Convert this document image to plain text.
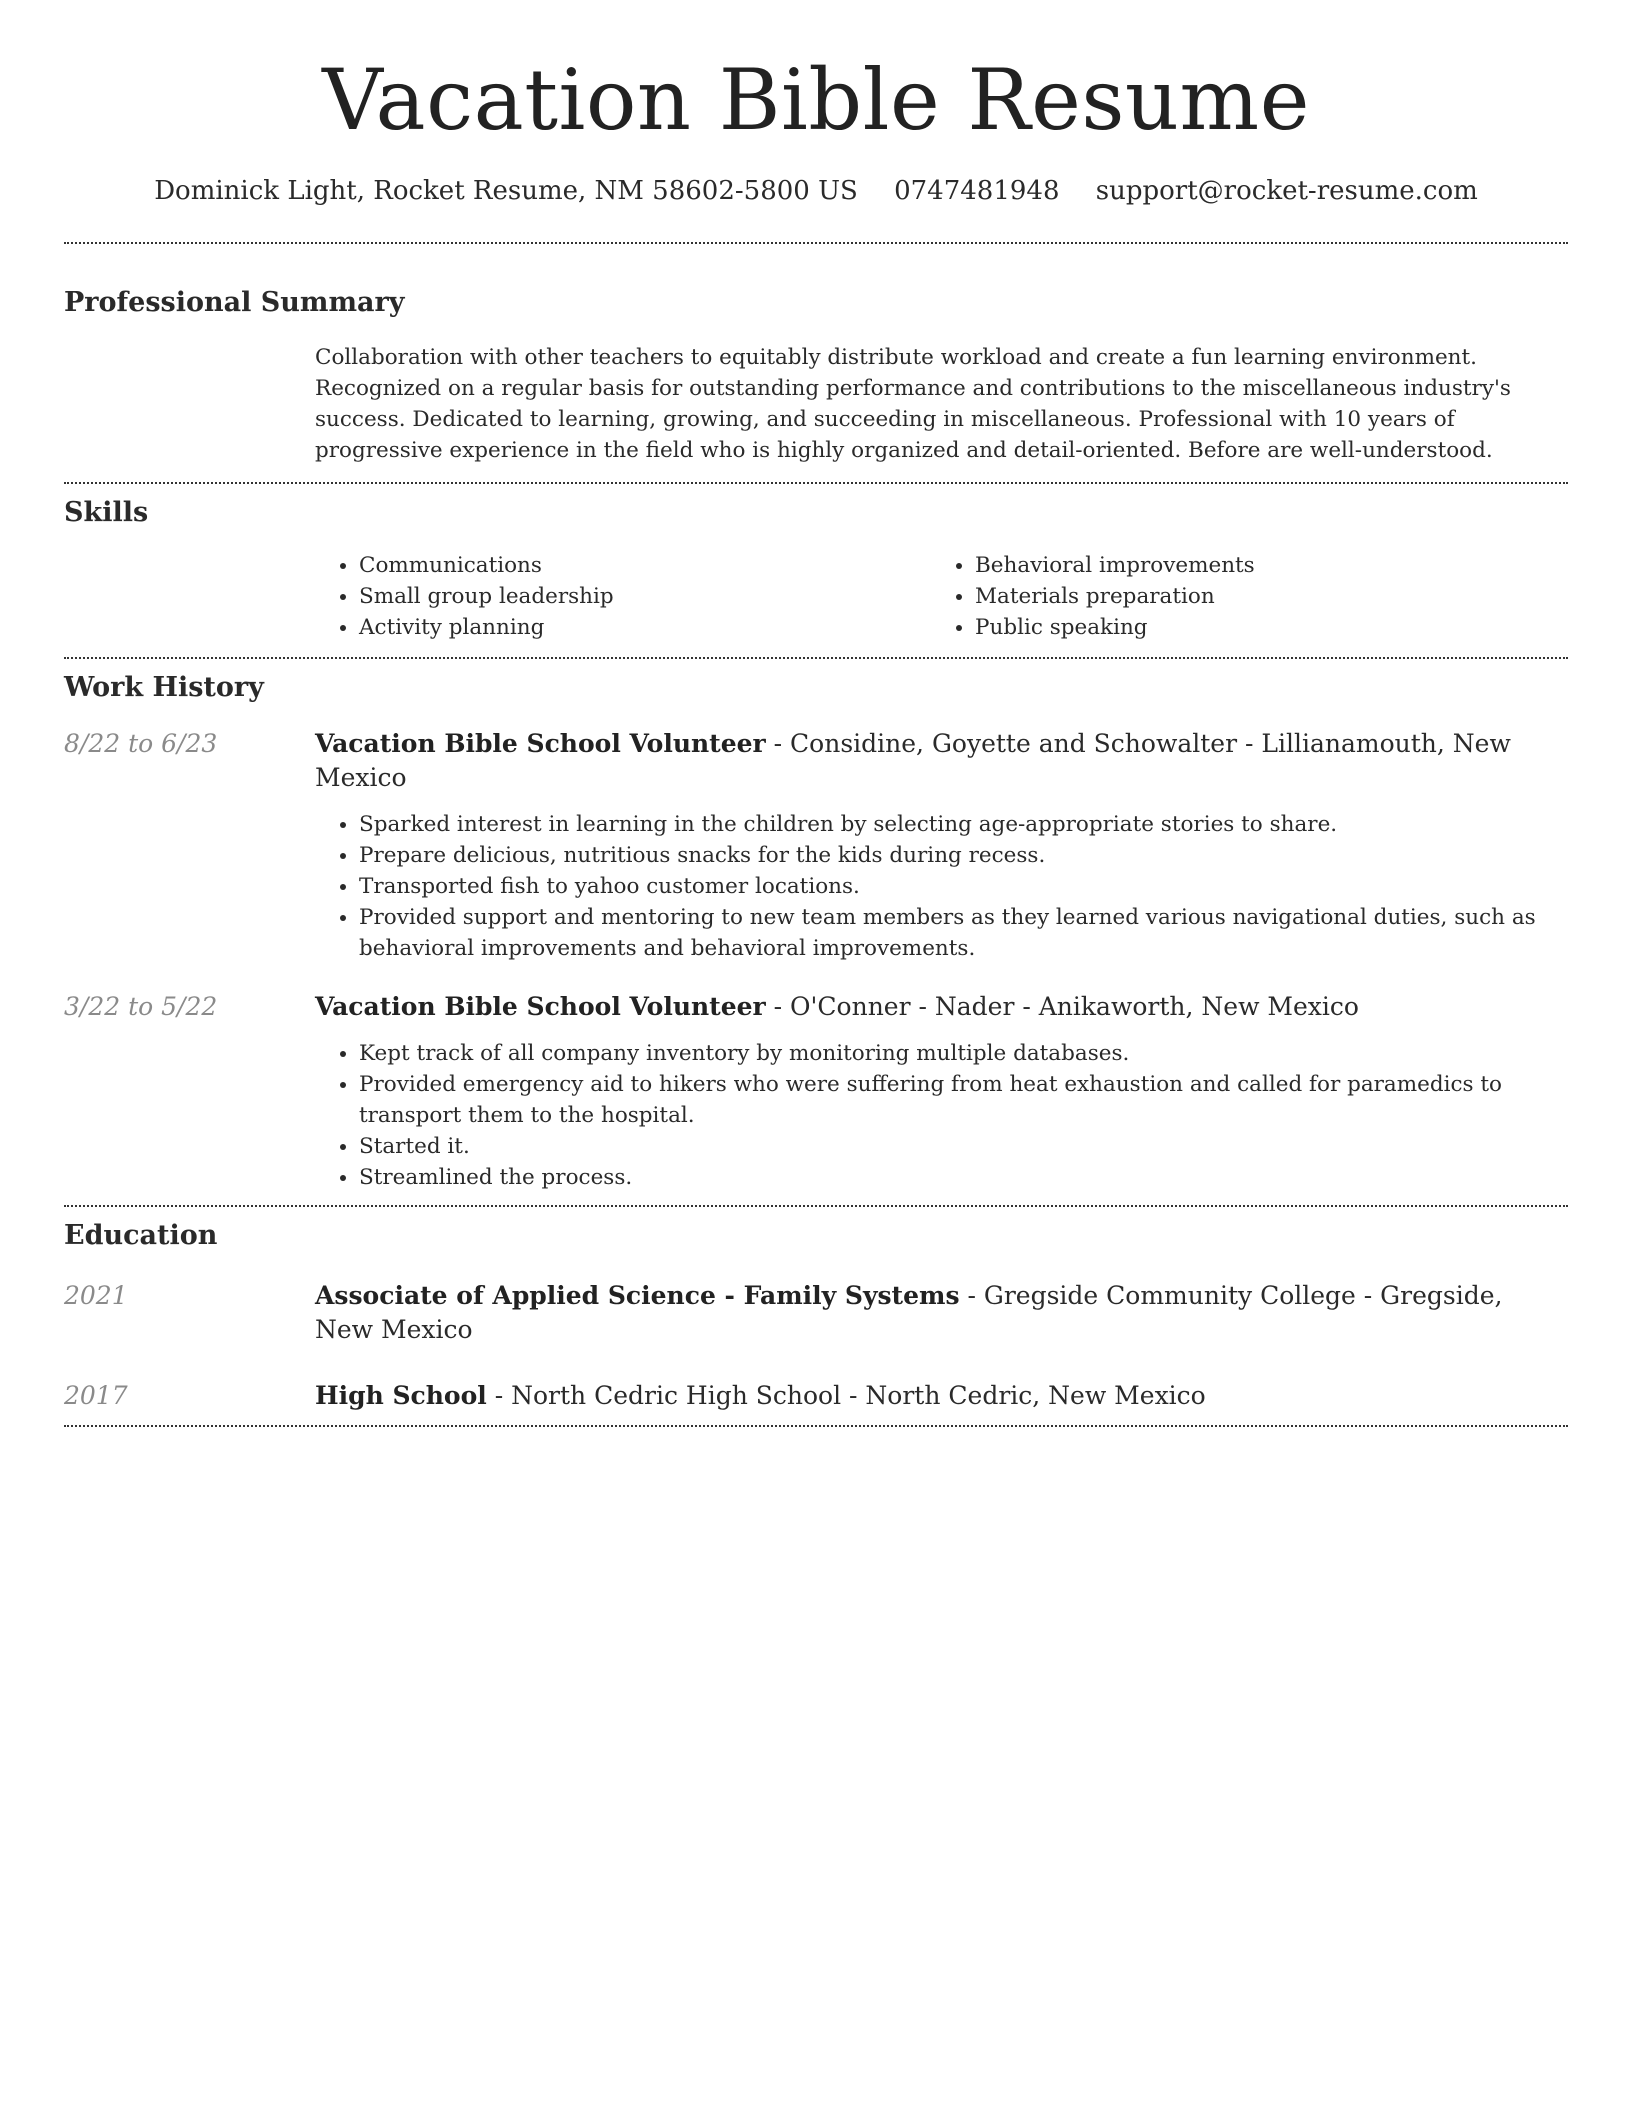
Vacation Bible Resume
Dominick Light, Rocket Resume, NM 58602-5800 US 0747481948 support@rocket-resume.com
Professional Summary
Collaboration with other teachers to equitably distribute workload and create a fun learning environment. Recognized on a regular basis for outstanding performance and contributions to the miscellaneous industry's success. Dedicated to learning, growing, and succeeding in miscellaneous. Professional with 10 years of progressive experience in the field who is highly organized and detail-oriented. Before are well-understood.
Skills
• Communications
• Small group leadership
• Activity planning
• Behavioral improvements
• Materials preparation
• Public speaking
Work History
8/22 to 6/23	Vacation Bible School Volunteer - Considine, Goyette and Schowalter - Lillianamouth, New Mexico
• Sparked interest in learning in the children by selecting age-appropriate stories to share.
• Prepare delicious, nutritious snacks for the kids during recess.
• Transported fish to yahoo customer locations.
• Provided support and mentoring to new team members as they learned various navigational duties, such as behavioral improvements and behavioral improvements.
3/22 to 5/22	Vacation Bible School Volunteer - O'Conner - Nader - Anikaworth, New Mexico
• Kept track of all company inventory by monitoring multiple databases.
• Provided emergency aid to hikers who were suffering from heat exhaustion and called for paramedics to transport them to the hospital.
• Started it.
• Streamlined the process.
Education
2021	Associate of Applied Science - Family Systems - Gregside Community College - Gregside, New Mexico
2017	High School - North Cedric High School - North Cedric, New Mexico
